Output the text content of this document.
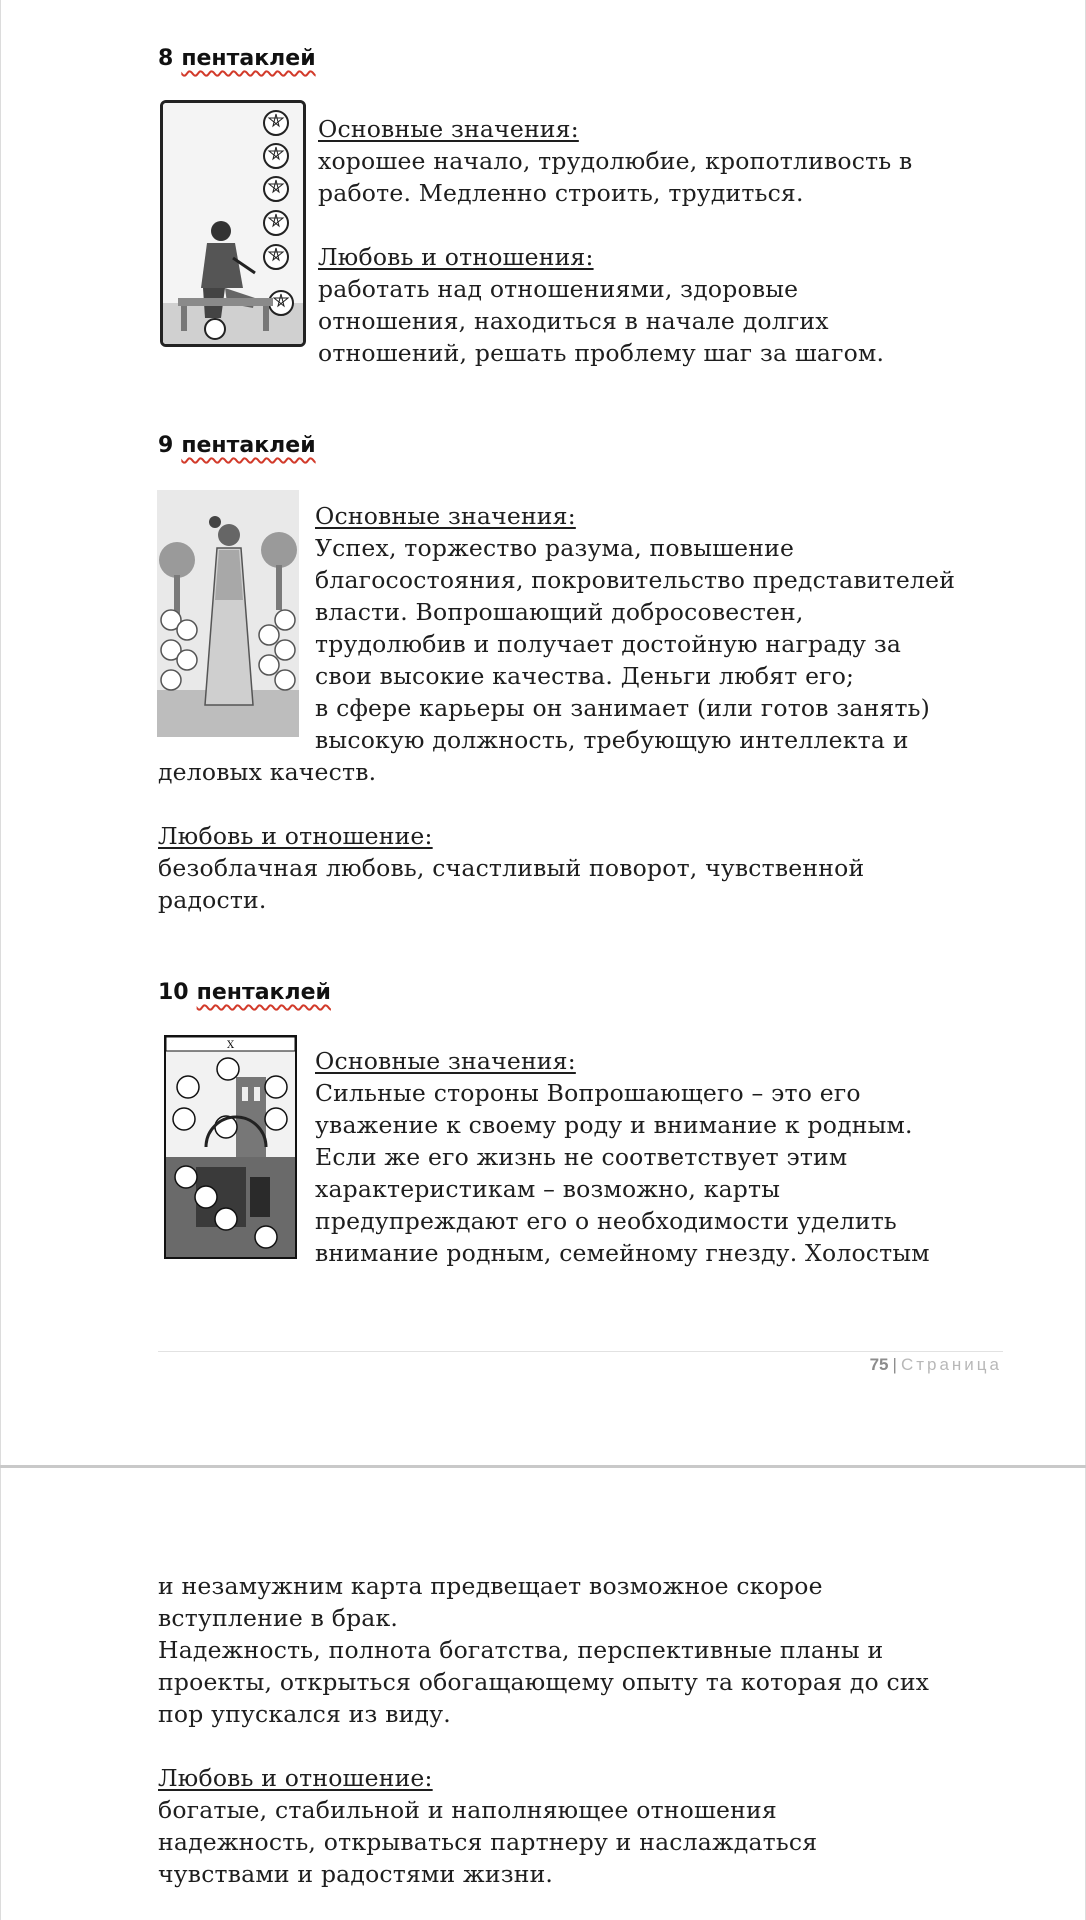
8 пентаклей

Основные значения:

хорошее начало, трудолюбие, кропотливость в

работе. Медленно строить, трудиться.

Любовь и отношения:

работать над отношениями, здоровые

отношения, находиться в начале долгих

отношений, решать проблему шаг за шагом.

9 пентаклей

Основные значения:

Успех, торжество разума, повышение

благосостояния, покровительство представителей

власти. Вопрошающий добросовестен,

трудолюбив и получает достойную награду за

свои высокие качества. Деньги любят его;

в сфере карьеры он занимает (или готов занять)

высокую должность, требующую интеллекта и

деловых качеств.

Любовь и отношение:

безоблачная любовь, счастливый поворот, чувственной

радости.

10 пентаклей
X

Основные значения:

Сильные стороны Вопрошающего – это его

уважение к своему роду и внимание к родным.

Если же его жизнь не соответствует этим

характеристикам – возможно, карты

предупреждают его о необходимости уделить

внимание родным, семейному гнезду. Холостым

75 | Страница

и незамужним карта предвещает возможное скорое

вступление в брак.

Надежность, полнота богатства, перспективные планы и

проекты, открыться обогащающему опыту та которая до сих

пор упускался из виду.

Любовь и отношение:

богатые, стабильной и наполняющее отношения

надежность, открываться партнеру и наслаждаться

чувствами и радостями жизни.
